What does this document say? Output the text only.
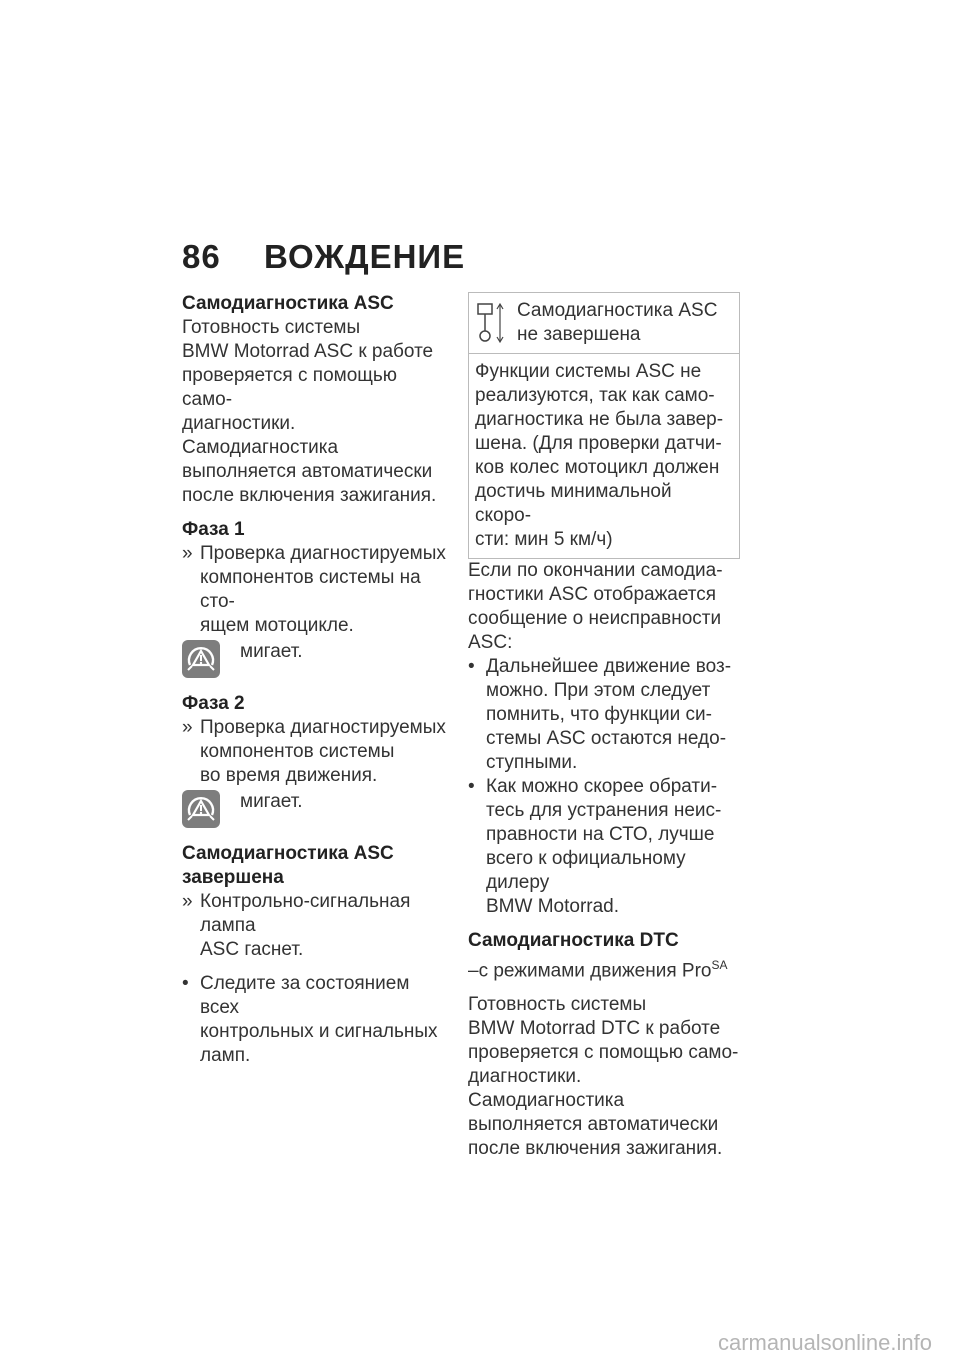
86 ВОЖДЕНИЕ
Самодиагностика ASC
Готовность системы
BMW Motorrad ASC к работе
проверяется с помощью само-
диагностики. Самодиагностика
выполняется автоматически
после включения зажигания.
Фаза 1
» Проверка диагностируемых
компонентов системы на сто-
ящем мотоцикле.
мигает.
Фаза 2
» Проверка диагностируемых
компонентов системы
во время движения.
мигает.
Самодиагностика ASC
завершена
» Контрольно-сигнальная лампа
ASC гаснет.
• Следите за состоянием всех
контрольных и сигнальных
ламп.
Самодиагностика ASC
не завершена
Функции системы ASC не
реализуются, так как само-
диагностика не была завер-
шена. (Для проверки датчи-
ков колес мотоцикл должен
достичь минимальной скоро-
сти: мин 5 км/ч)
Если по окончании самодиа-
гностики ASC отображается
сообщение о неисправности
ASC:
• Дальнейшее движение воз-
можно. При этом следует
помнить, что функции си-
стемы ASC остаются недо-
ступными.
• Как можно скорее обрати-
тесь для устранения неис-
правности на СТО, лучше
всего к официальному дилеру
BMW Motorrad.
Самодиагностика DTC
–с режимами движения Pro$^{SA}$
Готовность системы
BMW Motorrad DTC к работе
проверяется с помощью само-
диагностики. Самодиагностика
выполняется автоматически
после включения зажигания.
carmanualsonline.info
